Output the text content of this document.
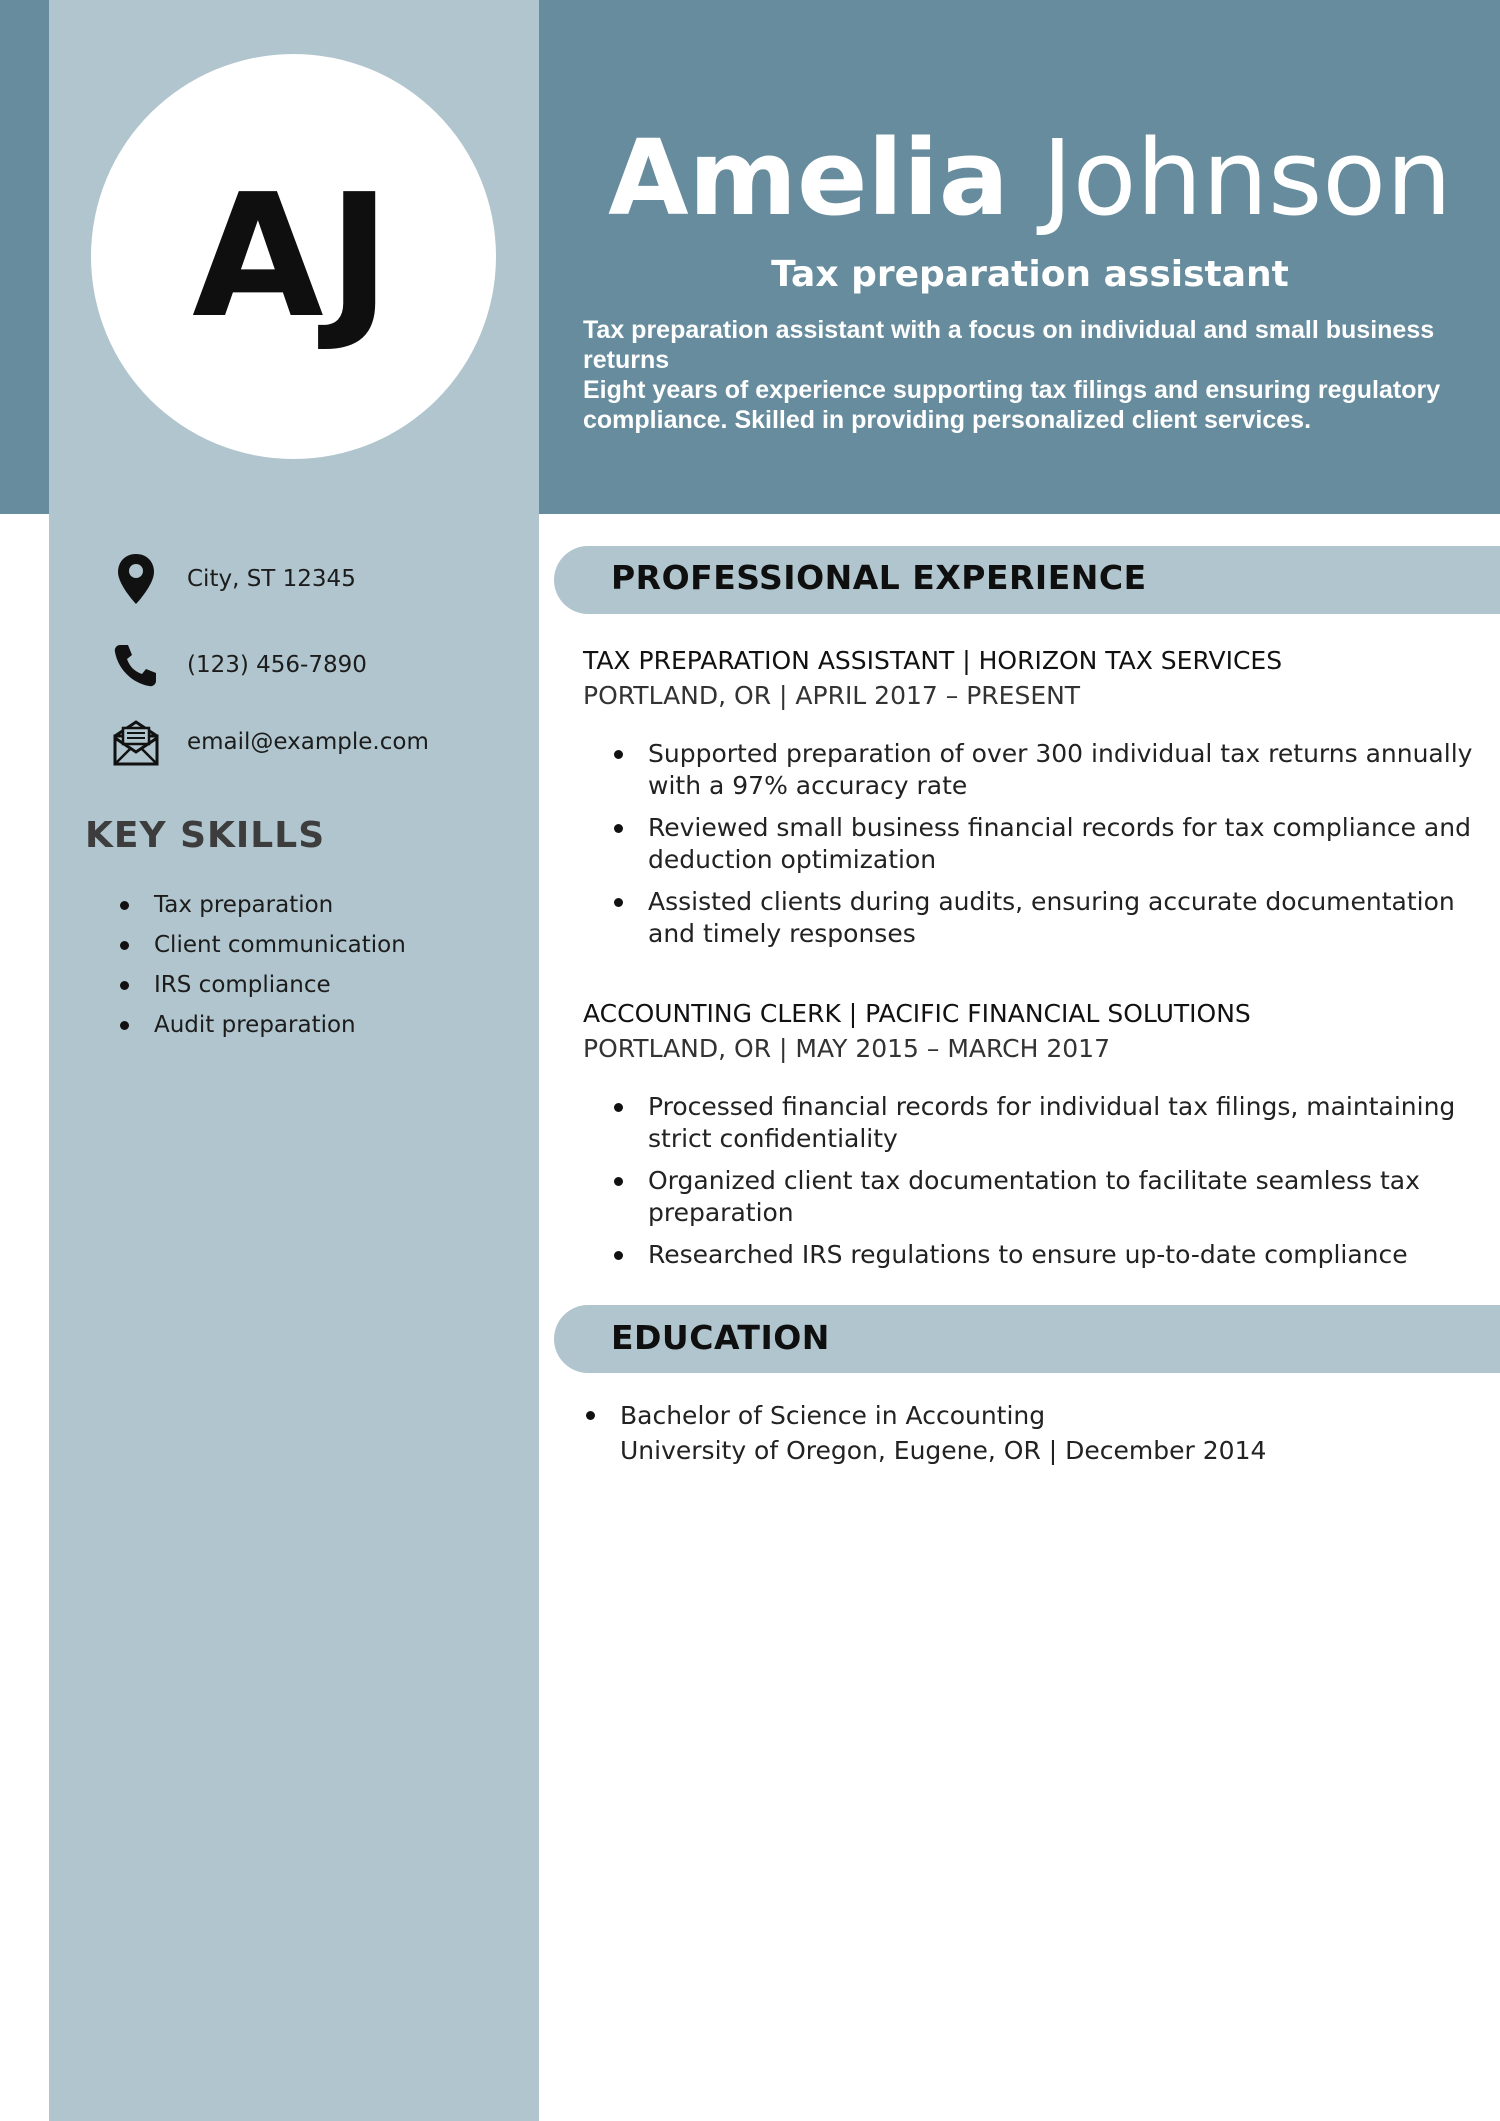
AJ	Amelia Johnson
Tax preparation assistant

Tax preparation assistant with a focus on individual and small business returns

Eight years of experience supporting tax filings and ensuring regulatory compliance. Skilled in providing personalized client services.

City, ST 12345
(123) 456-7890
email@example.com
KEY SKILLS
Tax preparation
Client communication
IRS compliance
Audit preparation
PROFESSIONAL EXPERIENCE
TAX PREPARATION ASSISTANT | HORIZON TAX SERVICES
PORTLAND, OR | APRIL 2017 – PRESENT
Supported preparation of over 300 individual tax returns annually with a 97% accuracy rate
Reviewed small business financial records for tax compliance and deduction optimization
Assisted clients during audits, ensuring accurate documentation and timely responses
ACCOUNTING CLERK | PACIFIC FINANCIAL SOLUTIONS
PORTLAND, OR | MAY 2015 – MARCH 2017
Processed financial records for individual tax filings, maintaining strict confidentiality
Organized client tax documentation to facilitate seamless tax preparation
Researched IRS regulations to ensure up-to-date compliance
EDUCATION
Bachelor of Science in Accounting
University of Oregon, Eugene, OR | December 2014
